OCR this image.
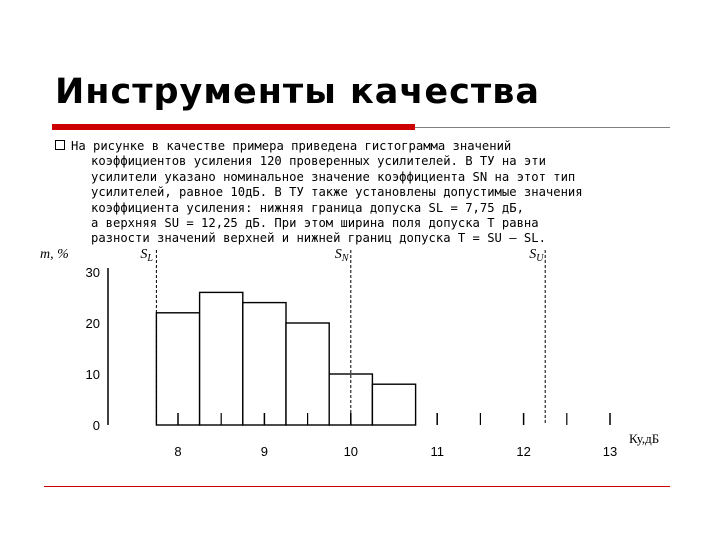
Инструменты качества
На рисунке в качестве примера приведена гистограмма значений
коэффициентов усиления 120 проверенных усилителей. В ТУ на эти
усилители указано номинальное значение коэффициента SN на этот тип
усилителей, равное 10дБ. В ТУ также установлены допустимые значения
коэффициента усиления: нижняя граница допуска SL = 7,75 дБ,
а верхняя SU = 12,25 дБ. При этом ширина поля допуска Т равна
разности значений верхней и нижней границ допуска T = SU – SL.
$S_L$	$S_N$	$S_U$
8	9	10	11	12	13
0
10
20
30
m, %
Ку,дБ
